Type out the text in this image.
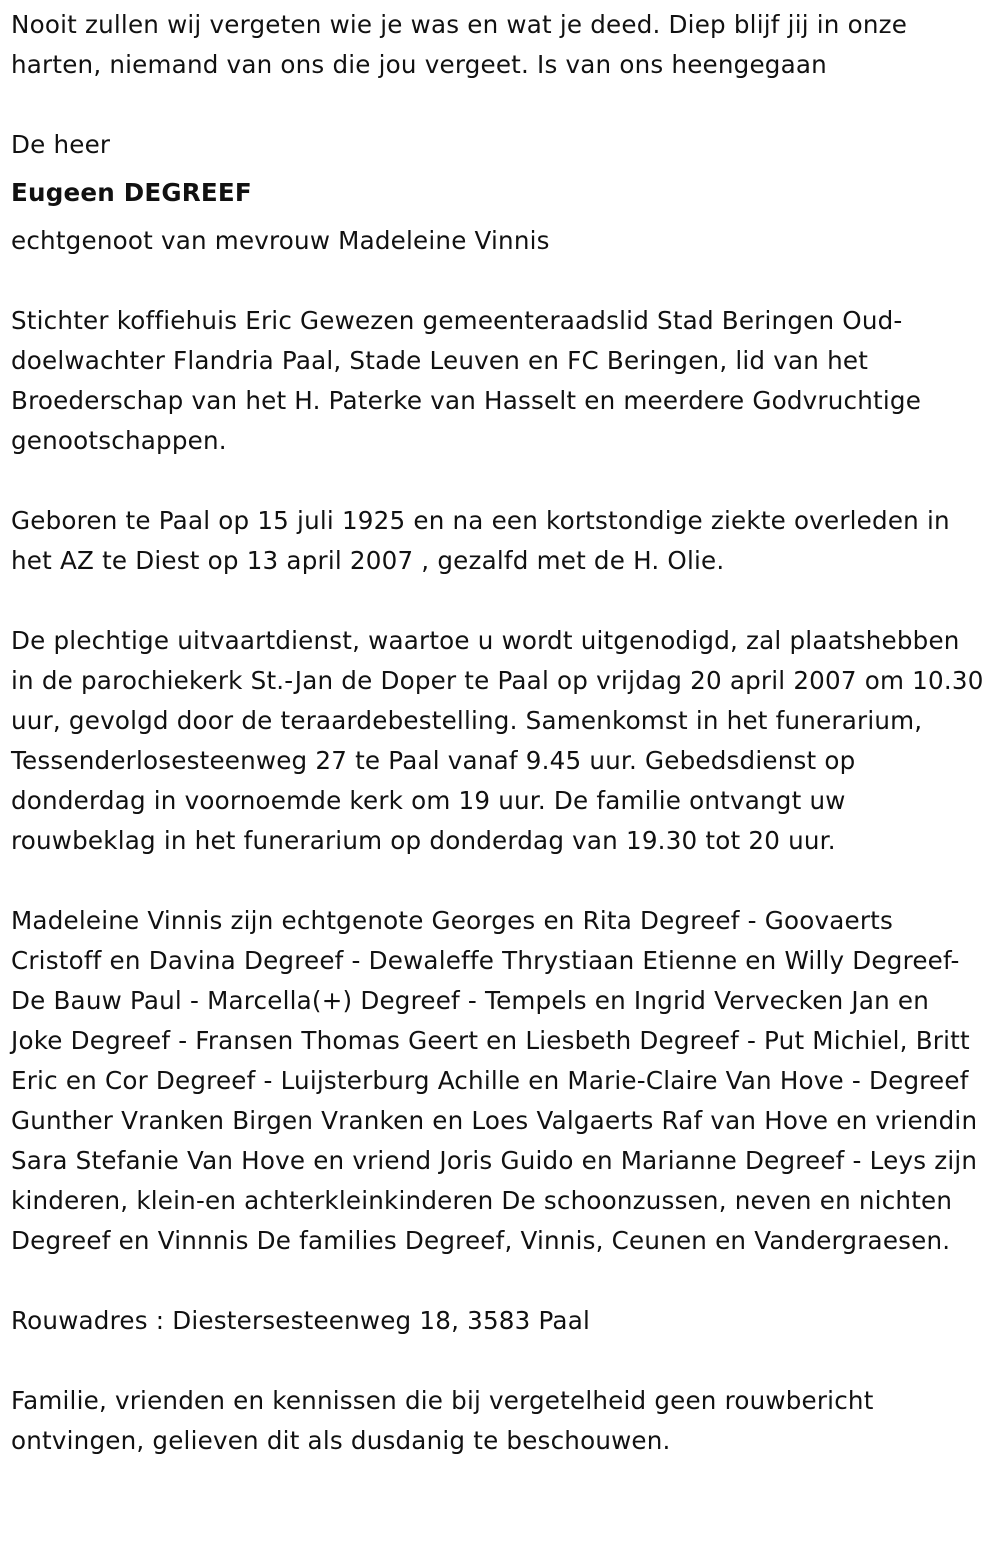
Nooit zullen wij vergeten wie je was en wat je deed. Diep blijf jij in onze harten, niemand van ons die jou vergeet. Is van ons heengegaan

De heer

Eugeen DEGREEF

echtgenoot van mevrouw Madeleine Vinnis

Stichter koffiehuis Eric Gewezen gemeenteraadslid Stad Beringen Oud-doelwachter Flandria Paal, Stade Leuven en FC Beringen, lid van het Broederschap van het H. Paterke van Hasselt en meerdere Godvruchtige genootschappen.

Geboren te Paal op 15 juli 1925 en na een kortstondige ziekte overleden in het AZ te Diest op 13 april 2007 , gezalfd met de H. Olie.

De plechtige uitvaartdienst, waartoe u wordt uitgenodigd, zal plaatshebben in de parochiekerk St.-Jan de Doper te Paal op vrijdag 20 april 2007 om 10.30 uur, gevolgd door de teraardebestelling. Samenkomst in het funerarium, Tessenderlosesteenweg 27 te Paal vanaf 9.45 uur. Gebedsdienst op donderdag in voornoemde kerk om 19 uur. De familie ontvangt uw rouwbeklag in het funerarium op donderdag van 19.30 tot 20 uur.

Madeleine Vinnis zijn echtgenote Georges en Rita Degreef - Goovaerts Cristoff en Davina Degreef - Dewaleffe Thrystiaan Etienne en Willy Degreef-De Bauw Paul - Marcella(+) Degreef - Tempels en Ingrid Vervecken Jan en Joke Degreef - Fransen Thomas Geert en Liesbeth Degreef - Put Michiel, Britt Eric en Cor Degreef - Luijsterburg Achille en Marie-Claire Van Hove - Degreef Gunther Vranken Birgen Vranken en Loes Valgaerts Raf van Hove en vriendin Sara Stefanie Van Hove en vriend Joris Guido en Marianne Degreef - Leys zijn kinderen, klein-en achterkleinkinderen De schoonzussen, neven en nichten Degreef en Vinnnis De families Degreef, Vinnis, Ceunen en Vandergraesen.

Rouwadres : Diestersesteenweg 18, 3583 Paal

Familie, vrienden en kennissen die bij vergetelheid geen rouwbericht ontvingen, gelieven dit als dusdanig te beschouwen.
